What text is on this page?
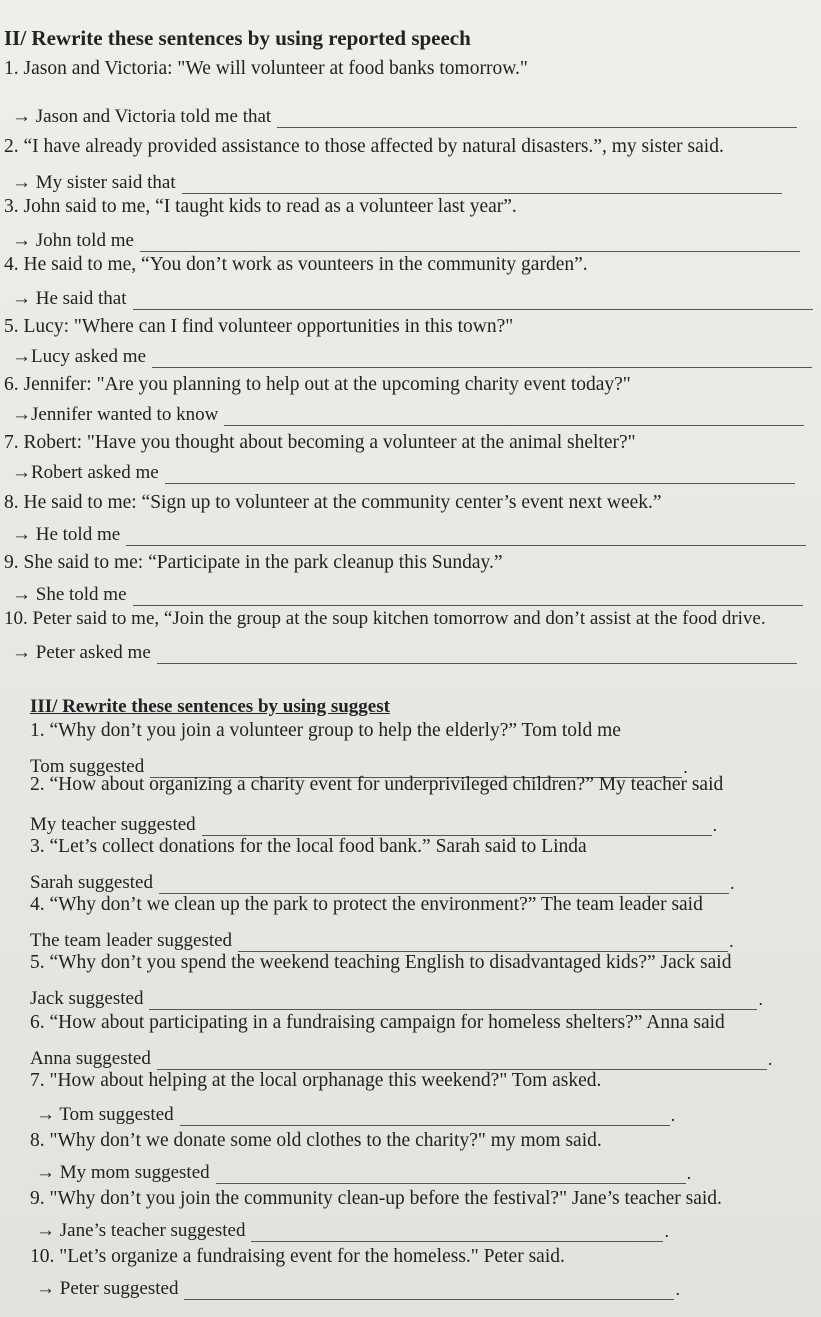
II/ Rewrite these sentences by using reported speech
1. Jason and Victoria: "We will volunteer at food banks tomorrow."
→ Jason and Victoria told me that
2. “I have already provided assistance to those affected by natural disasters.”, my sister said.
→ My sister said that
3. John said to me, “I taught kids to read as a volunteer last year”.
→ John told me
4. He said to me, “You don’t work as vounteers in the community garden”.
→ He said that
5. Lucy: "Where can I find volunteer opportunities in this town?"
→Lucy asked me
6. Jennifer: "Are you planning to help out at the upcoming charity event today?"
→Jennifer wanted to know
7. Robert: "Have you thought about becoming a volunteer at the animal shelter?"
→Robert asked me
8. He said to me: “Sign up to volunteer at the community center’s event next week.”
→ He told me
9. She said to me: “Participate in the park cleanup this Sunday.”
→ She told me
10. Peter said to me, “Join the group at the soup kitchen tomorrow and don’t assist at the food drive.
→ Peter asked me
III/ Rewrite these sentences by using suggest
1. “Why don’t you join a volunteer group to help the elderly?” Tom told me
Tom suggested	.
2. “How about organizing a charity event for underprivileged children?” My teacher said
My teacher suggested	.
3. “Let’s collect donations for the local food bank.” Sarah said to Linda
Sarah suggested	.
4. “Why don’t we clean up the park to protect the environment?” The team leader said
The team leader suggested	.
5. “Why don’t you spend the weekend teaching English to disadvantaged kids?” Jack said
Jack suggested	.
6. “How about participating in a fundraising campaign for homeless shelters?” Anna said
Anna suggested	.
7. "How about helping at the local orphanage this weekend?" Tom asked.
→ Tom suggested	.
8. "Why don’t we donate some old clothes to the charity?" my mom said.
→ My mom suggested	.
9. "Why don’t you join the community clean-up before the festival?" Jane’s teacher said.
→ Jane’s teacher suggested	.
10. "Let’s organize a fundraising event for the homeless." Peter said.
→ Peter suggested	.
